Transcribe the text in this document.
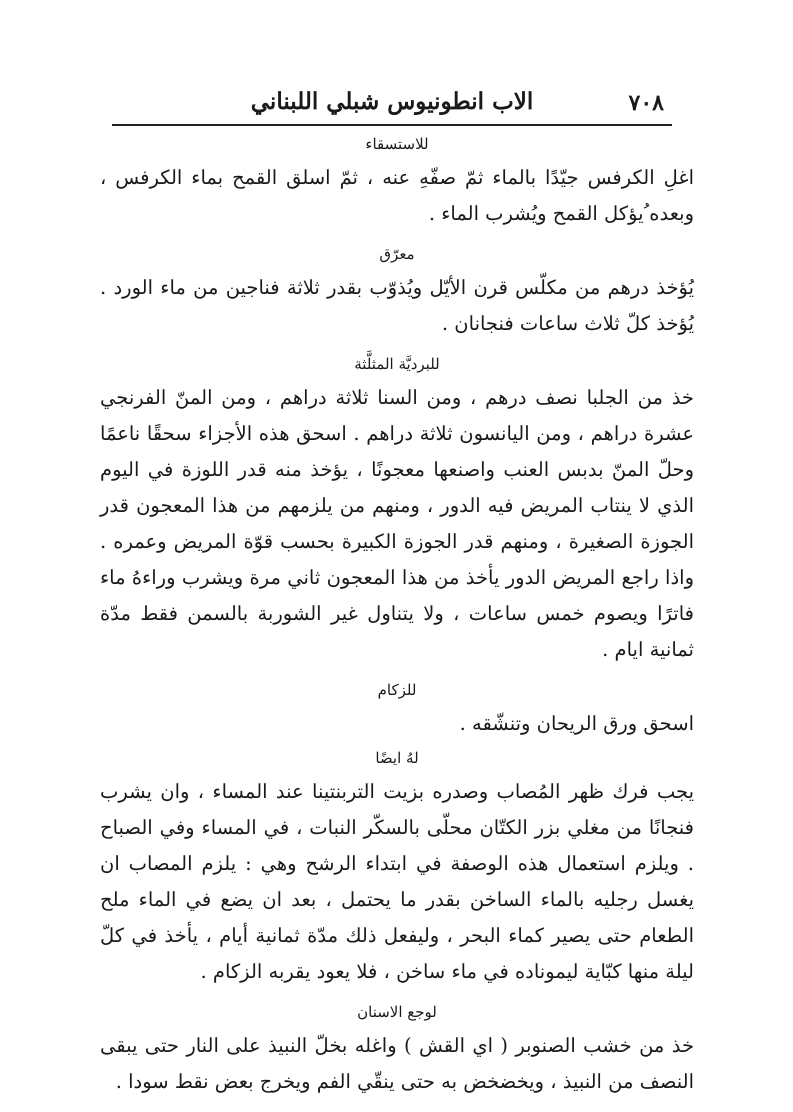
٧٠٨
الاب انطونيوس شبلي اللبناني

للاستسقاء

اغلِ الكرفس جيّدًا بالماء ثمّ صفّهِ عنه ، ثمّ اسلق القمح بماء الكرفس ، وبعده ُيؤكل القمح ويُشرب الماء .

معرّق

يُؤخذ درهم من مكلّس قرن الأيّل ويُذوّب بقدر ثلاثة فناجين من ماء الورد . يُؤخذ كلّ ثلاث ساعات فنجانان .

للبرديَّة المثلَّثة

خذ من الجلبا نصف درهم ، ومن السنا ثلاثة دراهم ، ومن المنّ الفرنجي عشرة دراهم ، ومن اليانسون ثلاثة دراهم . اسحق هذه الأجزاء سحقًا ناعمًا وحلّ المنّ بدبس العنب واصنعها معجونًا ، يؤخذ منه قدر اللوزة في اليوم الذي لا ينتاب المريض فيه الدور ، ومنهم من يلزمهم من هذا المعجون قدر الجوزة الصغيرة ، ومنهم قدر الجوزة الكبيرة بحسب قوّة المريض وعمره . واذا راجع المريض الدور يأخذ من هذا المعجون ثاني مرة ويشرب وراءهُ ماء فاترًا ويصوم خمس ساعات ، ولا يتناول غير الشوربة بالسمن فقط مدّة ثمانية ايام .

للزكام

اسحق ورق الريحان وتنشّقه .

لهُ ايضًا

يجب فرك ظهر المُصاب وصدره بزيت التربنتينا عند المساء ، وان يشرب فنجانًا من مغلي بزر الكتّان محلّى بالسكّر النبات ، في المساء وفي الصباح . ويلزم استعمال هذه الوصفة في ابتداء الرشح وهي : يلزم المصاب ان يغسل رجليه بالماء الساخن بقدر ما يحتمل ، بعد ان يضع في الماء ملح الطعام حتى يصير كماء البحر ، وليفعل ذلك مدّة ثمانية أيام ، يأخذ في كلّ ليلة منها كبّاية ليموناده في ماء ساخن ، فلا يعود يقربه الزكام .

لوجع الاسنان

خذ من خشب الصنوبر ( اي القش ) واغله بخلّ النبيذ على النار حتى يبقى النصف من النبيذ ، ويخضخض به حتى ينقّي الفم ويخرج بعض نقط سودا .
